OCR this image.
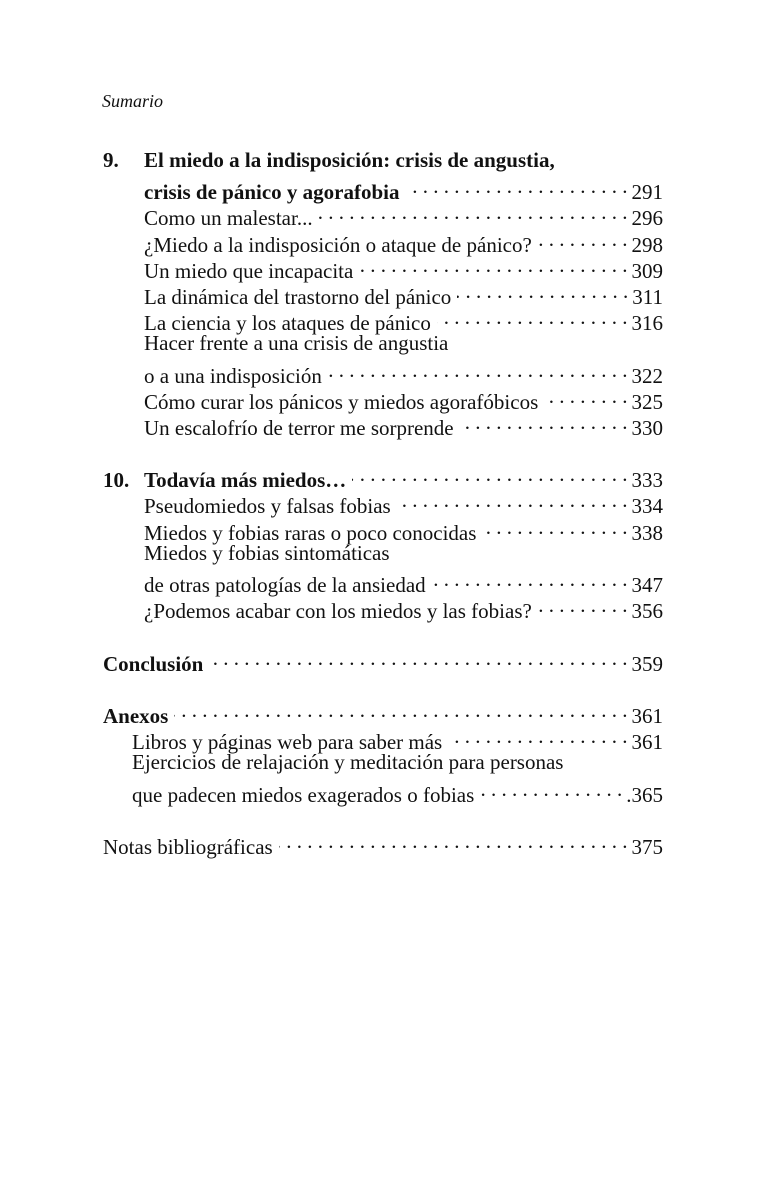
Sumario
9.	El miedo a la indisposición: crisis de angustia,
crisis de pánico y agorafobia . . .	291
Como un malestar... . . .	296
¿Miedo a la indisposición o ataque de pánico? . . .	298
Un miedo que incapacita . . .	309
La dinámica del trastorno del pánico . . .	311
La ciencia y los ataques de pánico . . .	316
Hacer frente a una crisis de angustia
o a una indisposición . . .	322
Cómo curar los pánicos y miedos agorafóbicos . . .	325
Un escalofrío de terror me sorprende . . .	330
10. Todavía más miedos… . . .	333
Pseudomiedos y falsas fobias . . .	334
Miedos y fobias raras o poco conocidas . . .	338
Miedos y fobias sintomáticas
de otras patologías de la ansiedad . . .	347
¿Podemos acabar con los miedos y las fobias? . . .	356
Conclusión . . .	359
Anexos . . .	361
Libros y páginas web para saber más . . .	361
Ejercicios de relajación y meditación para personas
que padecen miedos exagerados o fobias . . .	.365
Notas bibliográficas . . .	375
